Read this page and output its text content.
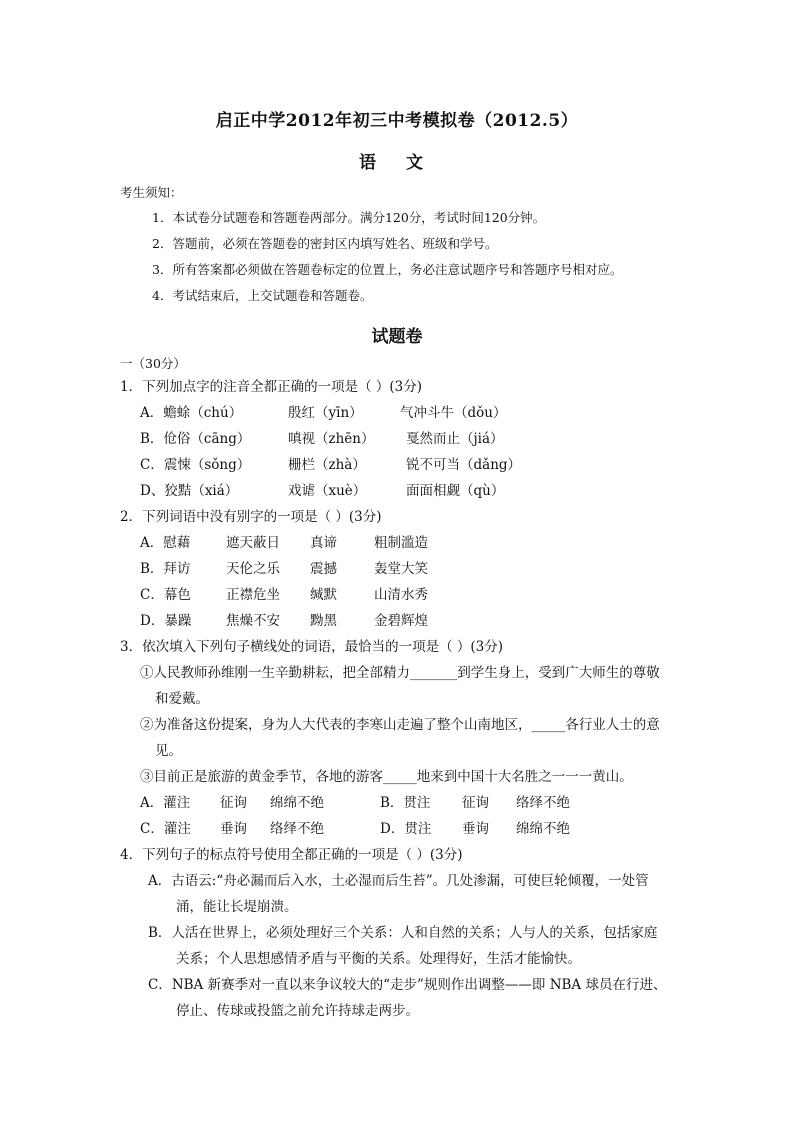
启正中学2012年初三中考模拟卷（2012.5）
语 文
考生须知：
1．本试卷分试题卷和答题卷两部分。满分120分，考试时间120分钟。
2．答题前，必须在答题卷的密封区内填写姓名、班级和学号。
3．所有答案都必须做在答题卷标定的位置上，务必注意试题序号和答题序号相对应。
4．考试结束后，上交试题卷和答题卷。
试题卷
一（30分）
1．下列加点字的注音全都正确的一项是（ ）(3分)
A．蟾蜍（chú）	殷红（yīn）	气冲斗牛（dǒu）
B．伧俗（cāng）	嗔视（zhēn） 戛然而止（jiá）
C．震悚（sǒng）	栅栏（zhà）	锐不可当（dǎng）
D、狡黠（xiá）	戏谑（xuè）	面面相觑（qù）
2．下列词语中没有别字的一项是（ ）(3分)
A．慰藉	遮天蔽日 真谛	粗制滥造
B．拜访	天伦之乐 震撼	轰堂大笑
C．幕色	正襟危坐 缄默	山清水秀
D．暴躁	焦燥不安 黝黑	金碧辉煌
3．依次填入下列句子横线处的词语，最恰当的一项是（ ）(3分)
①人民教师孙维刚一生辛勤耕耘，把全部精力_______到学生身上，受到广大师生的尊敬
和爱戴。
②为准备这份提案，身为人大代表的李寒山走遍了整个山南地区，_____各行业人士的意
见。
③目前正是旅游的黄金季节，各地的游客_____地来到中国十大名胜之一一一黄山。
A．灌注 征询 绵绵不绝	B．贯注 征询 络绎不绝
C．灌注 垂询 络绎不绝	D．贯注 垂询 绵绵不绝
4．下列句子的标点符号使用全都正确的一项是（ ）(3分)
A．古语云:“舟必漏而后入水，土必湿而后生苔”。几处渗漏，可使巨轮倾覆，一处管
涌，能让长堤崩溃。
B．人活在世界上，必须处理好三个关系：人和自然的关系；人与人的关系，包括家庭
关系；个人思想感情矛盾与平衡的关系。处理得好，生活才能愉快。
C．NBA 新赛季对一直以来争议较大的“走步”规则作出调整——即 NBA 球员在行进、
停止、传球或投篮之前允许持球走两步。
